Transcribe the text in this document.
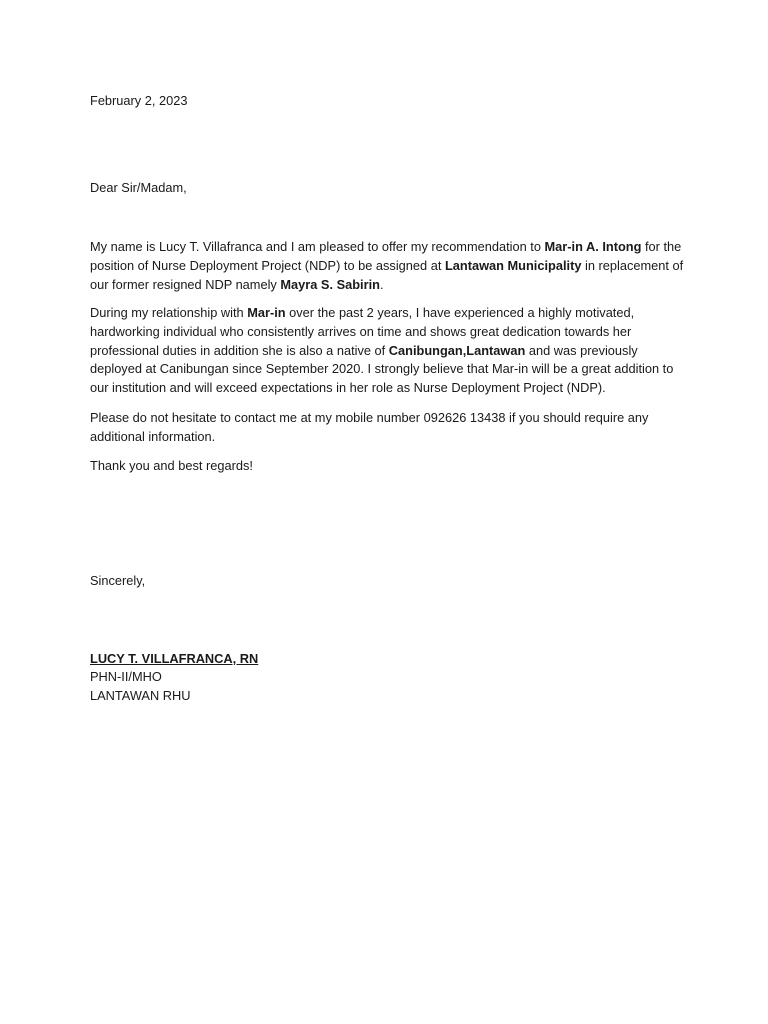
February 2, 2023

Dear Sir/Madam,

My name is Lucy T. Villafranca and I am pleased to offer my recommendation to Mar-in A. Intong for the position of Nurse Deployment Project (NDP) to be assigned at Lantawan Municipality in replacement of our former resigned NDP namely Mayra S. Sabirin.

During my relationship with Mar-in over the past 2 years, I have experienced a highly motivated, hardworking individual who consistently arrives on time and shows great dedication towards her professional duties in addition she is also a native of Canibungan,Lantawan and was previously deployed at Canibungan since September 2020. I strongly believe that Mar-in will be a great addition to our institution and will exceed expectations in her role as Nurse Deployment Project (NDP).

Please do not hesitate to contact me at my mobile number 092626 13438 if you should require any additional information.

Thank you and best regards!

Sincerely,

LUCY T. VILLAFRANCA, RN

PHN-II/MHO

LANTAWAN RHU
